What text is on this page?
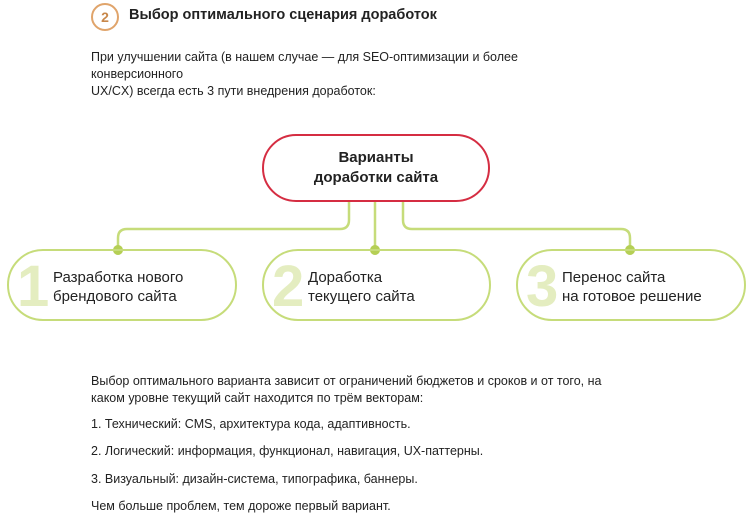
2	Выбор оптимального сценария доработок
При улучшении сайта (в нашем случае — для SEO-оптимизации и более конверсионного
UX/CX) всегда есть 3 пути внедрения доработок:
Варианты
доработки сайта
1 Разработка нового
брендового сайта 2 Доработка
текущего сайта 3 Перенос сайта
на готовое решение
Выбор оптимального варианта зависит от ограничений бюджетов и сроков и от того, на
каком уровне текущий сайт находится по трём векторам:
1. Технический: CMS, архитектура кода, адаптивность.
2. Логический: информация, функционал, навигация, UX-паттерны.
3. Визуальный: дизайн-система, типографика, баннеры.
Чем больше проблем, тем дороже первый вариант.
